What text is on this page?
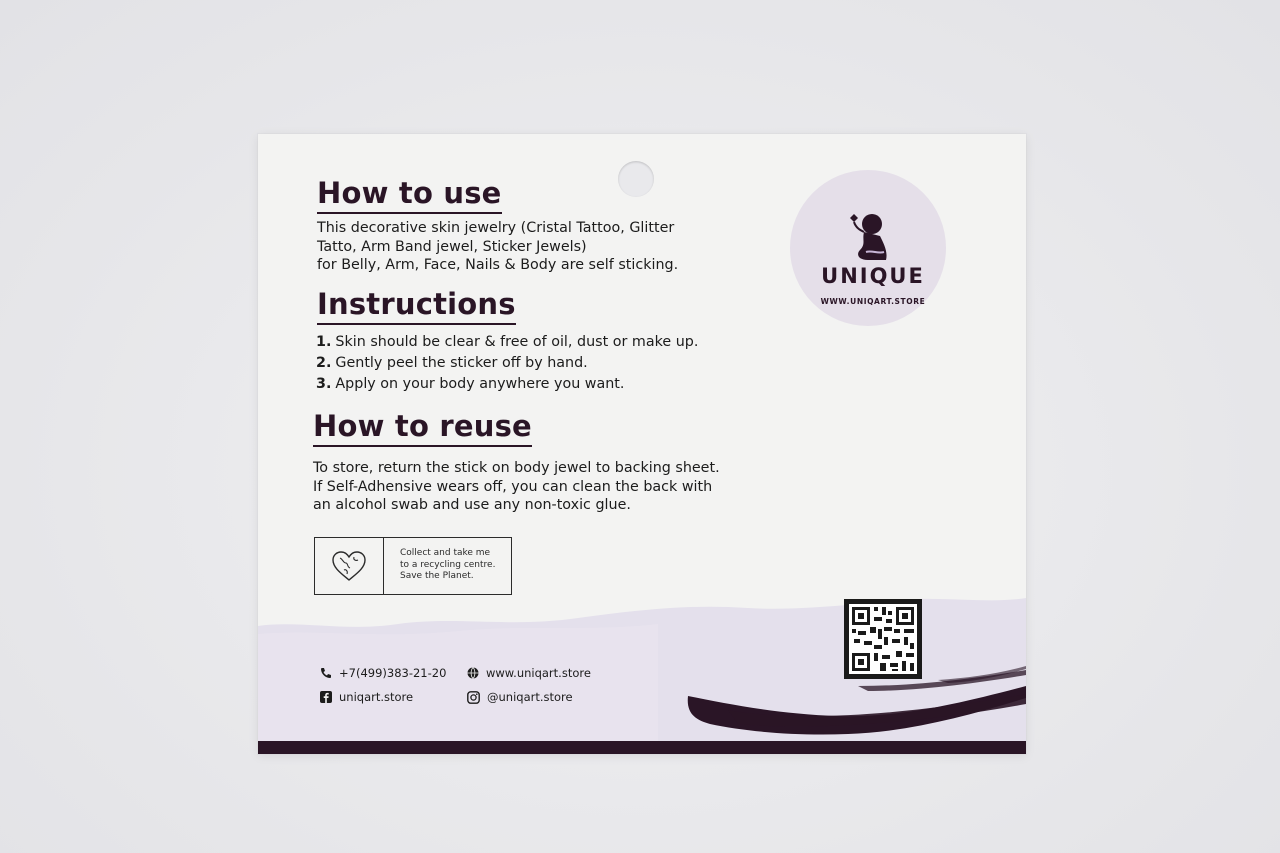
How to use
This decorative skin jewelry (Cristal Tattoo, Glitter
Tatto, Arm Band jewel, Sticker Jewels)
for Belly, Arm, Face, Nails & Body are self sticking.
Instructions
1. Skin should be clear & free of oil, dust or make up.
2. Gently peel the sticker off by hand.
3. Apply on your body anywhere you want.
How to reuse
To store, return the stick on body jewel to backing sheet.
If Self-Adhensive wears off, you can clean the back with
an alcohol swab and use any non-toxic glue.
Collect and take me
to a recycling centre.
Save the Planet.
UNIQUE
WWW.UNIQART.STORE
+7(499)383-21-20	www.uniqart.store
uniqart.store	@uniqart.store
